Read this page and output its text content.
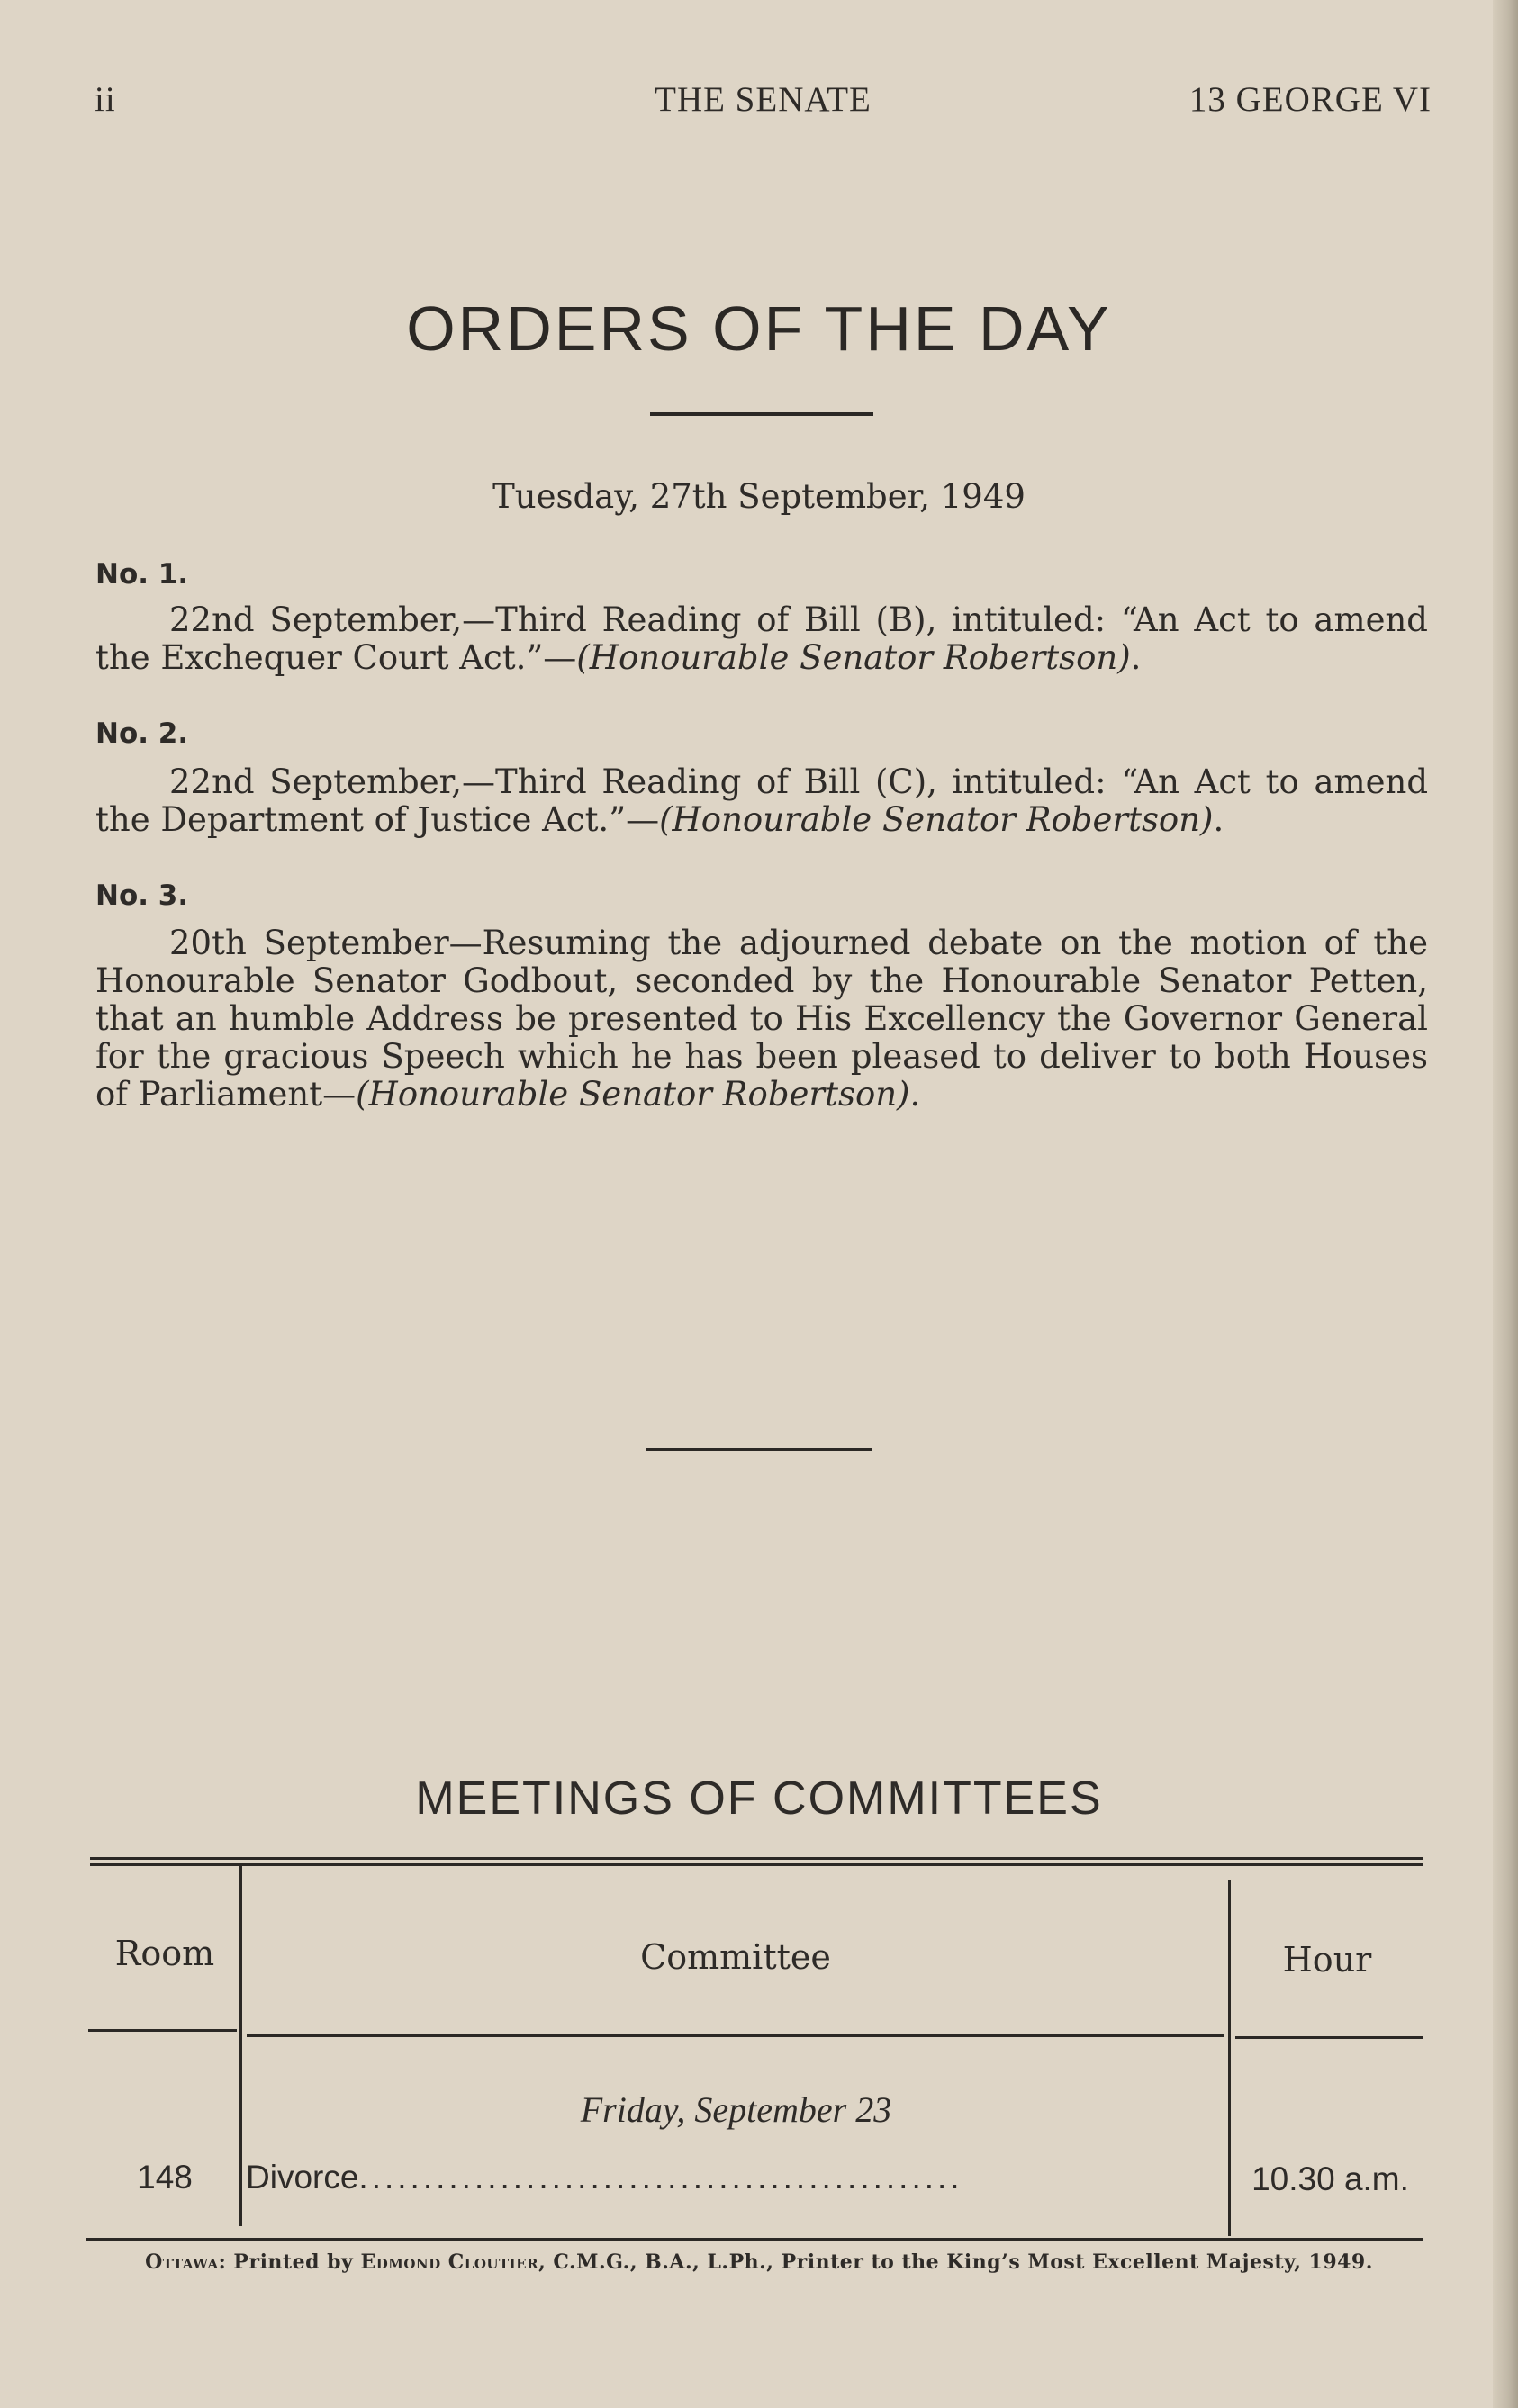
ii	THE SENATE	13 GEORGE VI
ORDERS OF THE DAY
Tuesday, 27th September, 1949
No. 1.
22nd September,—Third Reading of Bill (B), intituled: “An Act to amend the Exchequer Court Act.”—(Honourable Senator Robertson).
No. 2.
22nd September,—Third Reading of Bill (C), intituled: “An Act to amend the Department of Justice Act.”—(Honourable Senator Robertson).
No. 3.
20th September—Resuming the adjourned debate on the motion of the Honourable Senator Godbout, seconded by the Honourable Senator Petten, that an humble Address be presented to His Excellency the Governor General for the gracious Speech which he has been pleased to deliver to both Houses of Parliament—(Honourable Senator Robertson).
MEETINGS OF COMMITTEES
Room	Committee	Hour
Friday, September 23
148	Divorce...............................................	10.30 a.m.
Ottawa: Printed by Edmond Cloutier, C.M.G., B.A., L.Ph., Printer to the King’s Most Excellent Majesty, 1949.
